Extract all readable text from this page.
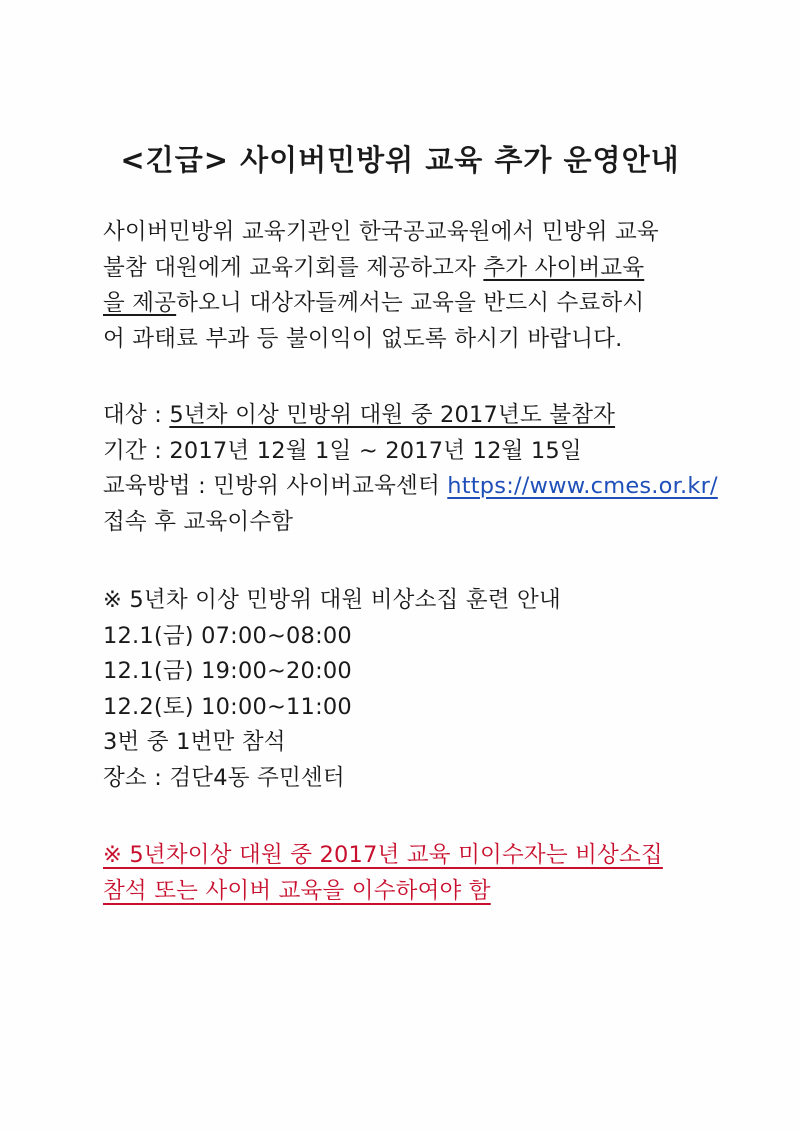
<긴급> 사이버민방위 교육 추가 운영안내
사이버민방위 교육기관인 한국공교육원에서 민방위 교육
불참 대원에게 교육기회를 제공하고자 추가 사이버교육
을 제공하오니 대상자들께서는 교육을 반드시 수료하시
어 과태료 부과 등 불이익이 없도록 하시기 바랍니다.
대상 : 5년차 이상 민방위 대원 중 2017년도 불참자
기간 : 2017년 12월 1일 ~ 2017년 12월 15일
교육방법 : 민방위 사이버교육센터 https://www.cmes.or.kr/
접속 후 교육이수함
※ 5년차 이상 민방위 대원 비상소집 훈련 안내
12.1(금) 07:00~08:00
12.1(금) 19:00~20:00
12.2(토) 10:00~11:00
3번 중 1번만 참석
장소 : 검단4동 주민센터
※ 5년차이상 대원 중 2017년 교육 미이수자는 비상소집
참석 또는 사이버 교육을 이수하여야 함
